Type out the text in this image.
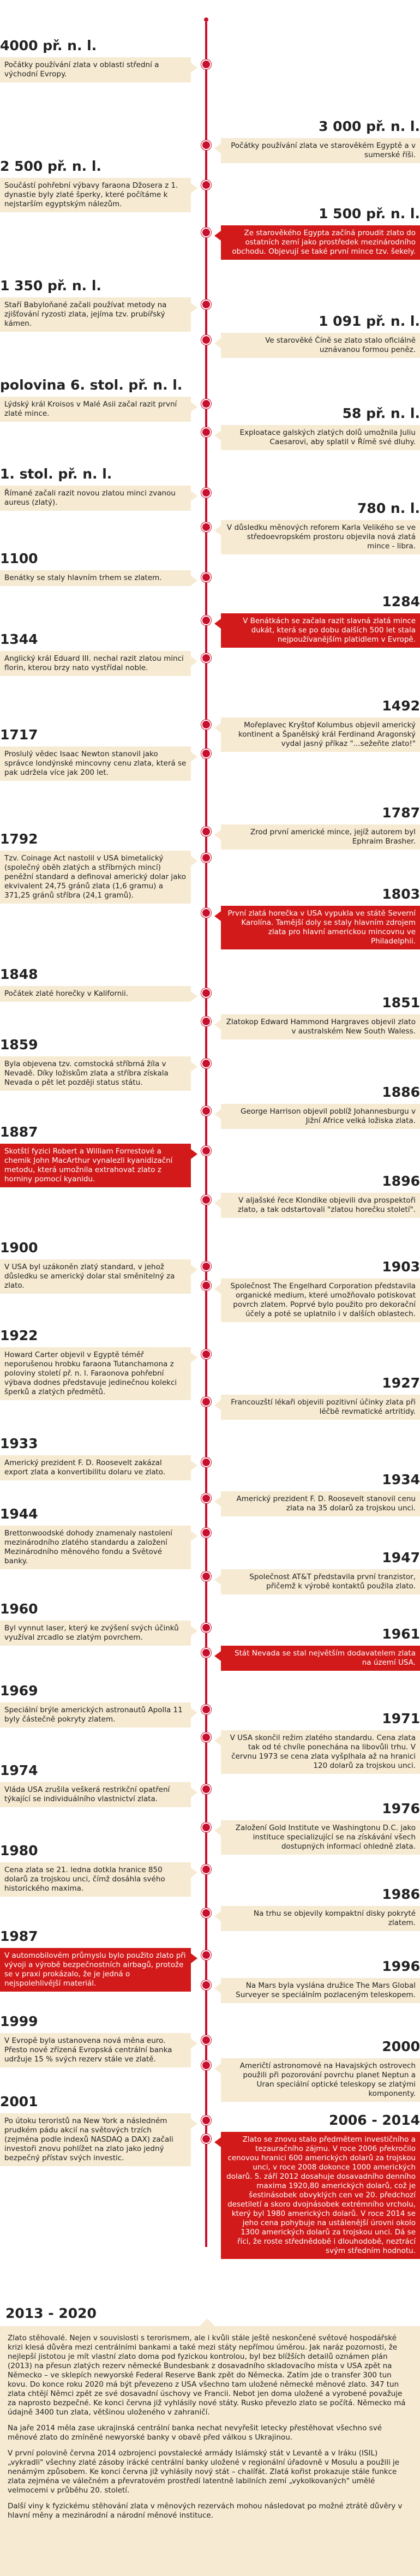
4000 př. n. l.
Počátky používání zlata v oblasti střední a východní Evropy.
3 000 př. n. l.
Počátky používání zlata ve starověkém Egyptě a v sumerské říši.
2 500 př. n. l.
Součástí pohřební výbavy faraona Džosera z 1. dynastie byly zlaté šperky, které počítáme k nejstarším egyptským nálezům.
1 500 př. n. l.
Ze starověkého Egypta začíná proudit zlato do ostatních zemí jako prostředek mezinárodního obchodu. Objevují se také první mince tzv. šekely.
1 350 př. n. l.
Staří Babyloňané začali používat metody na zjišťování ryzosti zlata, jejíma tzv. prubířský kámen.	1 091 př. n. l.
Ve starověké Číně se zlato stalo oficiálně uznávanou formou peněz.
polovina 6. stol. př. n. l.
Lýdský král Kroisos v Malé Asii začal razit první zlaté mince.	58 př. n. l.
Exploatace galských zlatých dolů umožnila Juliu Caesarovi, aby splatil v Římě své dluhy.
1. stol. př. n. l.
Římané začali razit novou zlatou minci zvanou aureus (zlatý).	780 n. l.
V důsledku měnových reforem Karla Velikého se ve středoevropském prostoru objevila nová zlatá mince - libra.
1100
Benátky se staly hlavním trhem se zlatem.
1284
V Benátkách se začala razit slavná zlatá mince dukát, která se po dobu dalších 500 let stala nejpoužívanějším platidlem v Evropě.
1344
Anglický král Eduard III. nechal razit zlatou minci florin, kterou brzy nato vystřídal noble.
1492
Mořeplavec Kryštof Kolumbus objevil americký kontinent a Španělský král Ferdinand Aragonský vydal jasný příkaz "...sežeňte zlato!"
1717
Proslulý vědec Isaac Newton stanovil jako správce londýnské mincovny cenu zlata, která se pak udržela více jak 200 let.
1787
Zrod první americké mince, jejíž autorem byl Ephraim Brasher.
1792
Tzv. Coinage Act nastolil v USA bimetalický (společný oběh zlatých a stříbrných mincí) peněžní standard a definoval americký dolar jako ekvivalent 24,75 gránů zlata (1,6 gramu) a 371,25 gránů stříbra (24,1 gramů).	1803
První zlatá horečka v USA vypukla ve státě Severní Karolína. Tamější doly se staly hlavním zdrojem zlata pro hlavní americkou mincovnu ve Philadelphii.
1848
Počátek zlaté horečky v Kalifornii.
1851
Zlatokop Edward Hammond Hargraves objevil zlato v australském New South Waless.
1859
Byla objevena tzv. comstocká stříbrná žíla v Nevadě. Díky ložiskům zlata a stříbra získala Nevada o pět let později status státu.
1886
George Harrison objevil poblíž Johannesburgu v Jižní Africe velká ložiska zlata.
1887
Skotští fyzici Robert a William Forrestové a chemik John MacArthur vynalezli kyanidizační metodu, která umožnila extrahovat zlato z horniny pomocí kyanidu.	1896
V aljašské řece Klondike objevili dva prospektoři zlato, a tak odstartovali "zlatou horečku století".
1900
V USA byl uzákoněn zlatý standard, v jehož důsledku se americký dolar stal směnitelný za zlato.
1903
Společnost The Engelhard Corporation představila organické medium, které umožňovalo potiskovat povrch zlatem. Poprvé bylo použito pro dekorační účely a poté se uplatnilo i v dalších oblastech.
1922
Howard Carter objevil v Egyptě téměř neporušenou hrobku faraona Tutanchamona z poloviny století př. n. l. Faraonova pohřební výbava dodnes představuje jedinečnou kolekci šperků a zlatých předmětů.
1927
Francouzští lékaři objevili pozitivní účinky zlata při léčbě revmatické artritidy.
1933
Americký prezident F. D. Roosevelt zakázal export zlata a konvertibilitu dolaru ve zlato.	1934
Americký prezident F. D. Roosevelt stanovil cenu zlata na 35 dolarů za trojskou unci.
1944
Brettonwoodské dohody znamenaly nastolení mezinárodního zlatého standardu a založení Mezinárodního měnového fondu a Světové banky.	1947
Společnost AT&T představila první tranzistor, přičemž k výrobě kontaktů použila zlato.
1960
Byl vynnut laser, který ke zvýšení svých účinků využíval zrcadlo se zlatým povrchem.	1961
Stát Nevada se stal největším dodavatelem zlata na území USA.
1969
Speciální brýle amerických astronautů Apolla 11 byly částečně pokryty zlatem.	1971
V USA skončil režim zlatého standardu. Cena zlata tak od té chvíle ponechána na libovůli trhu. V červnu 1973 se cena zlata vyšplhala až na hranici 120 dolarů za trojskou unci.
1974
Vláda USA zrušila veškerá restrikční opatření týkající se individuálního vlastnictví zlata.
1976
Založení Gold Institute ve Washingtonu D.C. jako instituce specializující se na získávání všech dostupných informací ohledně zlata.
1980
Cena zlata se 21. ledna dotkla hranice 850 dolarů za trojskou unci, čímž dosáhla svého historického maxima.	1986
Na trhu se objevily kompaktní disky pokryté zlatem.
1987
V automobilovém průmyslu bylo použito zlato při vývoji a výrobě bezpečnostních airbagů, protože se v praxi prokázalo, že je jedná o nejspolehlivější materiál.
1996
Na Mars byla vyslána družice The Mars Global Surveyer se speciálním pozlaceným teleskopem.
1999
V Evropě byla ustanovena nová měna euro. Přesto nové zřízená Evropská centrální banka udržuje 15 % svých rezerv stále ve zlatě.
2000
Američtí astronomové na Havajských ostrovech použili při pozorování povrchu planet Neptun a Uran speciální optické teleskopy se zlatými komponenty.
2001
Po útoku teroristů na New York a následném prudkém pádu akcií na světových trzích (zejména podle indexů NASDAQ a DAX) začali investoři znovu pohlížet na zlato jako jedný bezpečný přístav svých investic.
2006 - 2014
Zlato se znovu stalo předmětem investičního a tezauračního zájmu. V roce 2006 překročilo cenovou hranici 600 amerických dolarů za trojskou unci, v roce 2008 dokonce 1000 amerických dolarů. 5. září 2012 dosahuje dosavadního denního maxima 1920,80 amerických dolarů, což je šestinásobek obvyklých cen ve 20. předchozí desetiletí a skoro dvojnásobek extrémního vrcholu, který byl 1980 amerických dolarů. V roce 2014 se jeho cena pohybuje na ustálenější úrovni okolo 1300 amerických dolarů za trojskou unci. Dá se říci, že roste střednědobě i dlouhodobě, neztrácí svým středním hodnotu.
2013 - 2020

Zlato stěhovalé. Nejen v souvislosti s terorismem, ale i kvůli stále ještě neskončené světové hospodářské krizi klesá důvěra mezi centrálními bankami a také mezi státy nepřímou úměrou. Jak naráz pozornosti, že nejlepší jistotou je mít vlastní zlato doma pod fyzickou kontrolou, byl bez blížších detailů oznámen plán (2013) na přesun zlatých rezerv německé Bundesbank z dosavadního skladovacího místa v USA zpět na Německo – ve sklepích newyorské Federal Reserve Bank zpět do Německa. Zatím jde o transfer 300 tun kovu. Do konce roku 2020 má být převezeno z USA všechno tam uložené německé měnové zlato. 347 tun zlata chtějí Němci zpět ze své dosavadní úschovy ve Francii. Nebot jen doma uložené a vyrobené považuje za naprosto bezpečné. Ke konci června již vyhlásily nové státy. Rusko převezlo zlato se počítá. Německo má údajně 3400 tun zlata, většinou uloženého v zahraničí.

Na jaře 2014 měla zase ukrajinská centrální banka nechat nevyřešit letecky přestěhovat všechno své měnové zlato do zmíněné newyorské banky v obavě před válkou s Ukrajinou.

V první polovině června 2014 ozbrojenci povstalecké armády Islámský stát v Levantě a v Iráku (ISIL) „vykradli" všechny zlaté zásoby irácké centrální banky uložené v regionální úřadovně v Mosulu a použili je nenámým způsobem. Ke konci června již vyhlásily nový stát – chalífát. Zlatá kořist prokazuje stále funkce zlata zejména ve válečném a převratovém prostředí latentně labilních zemí „vykolkovaných" umělé velmocemi v průběhu 20. století.

Další viny k fyzickému stěhování zlata v měnových rezervách mohou následovat po možné ztrátě důvěry v hlavní měny a mezinárodní a národní měnové instituce.
